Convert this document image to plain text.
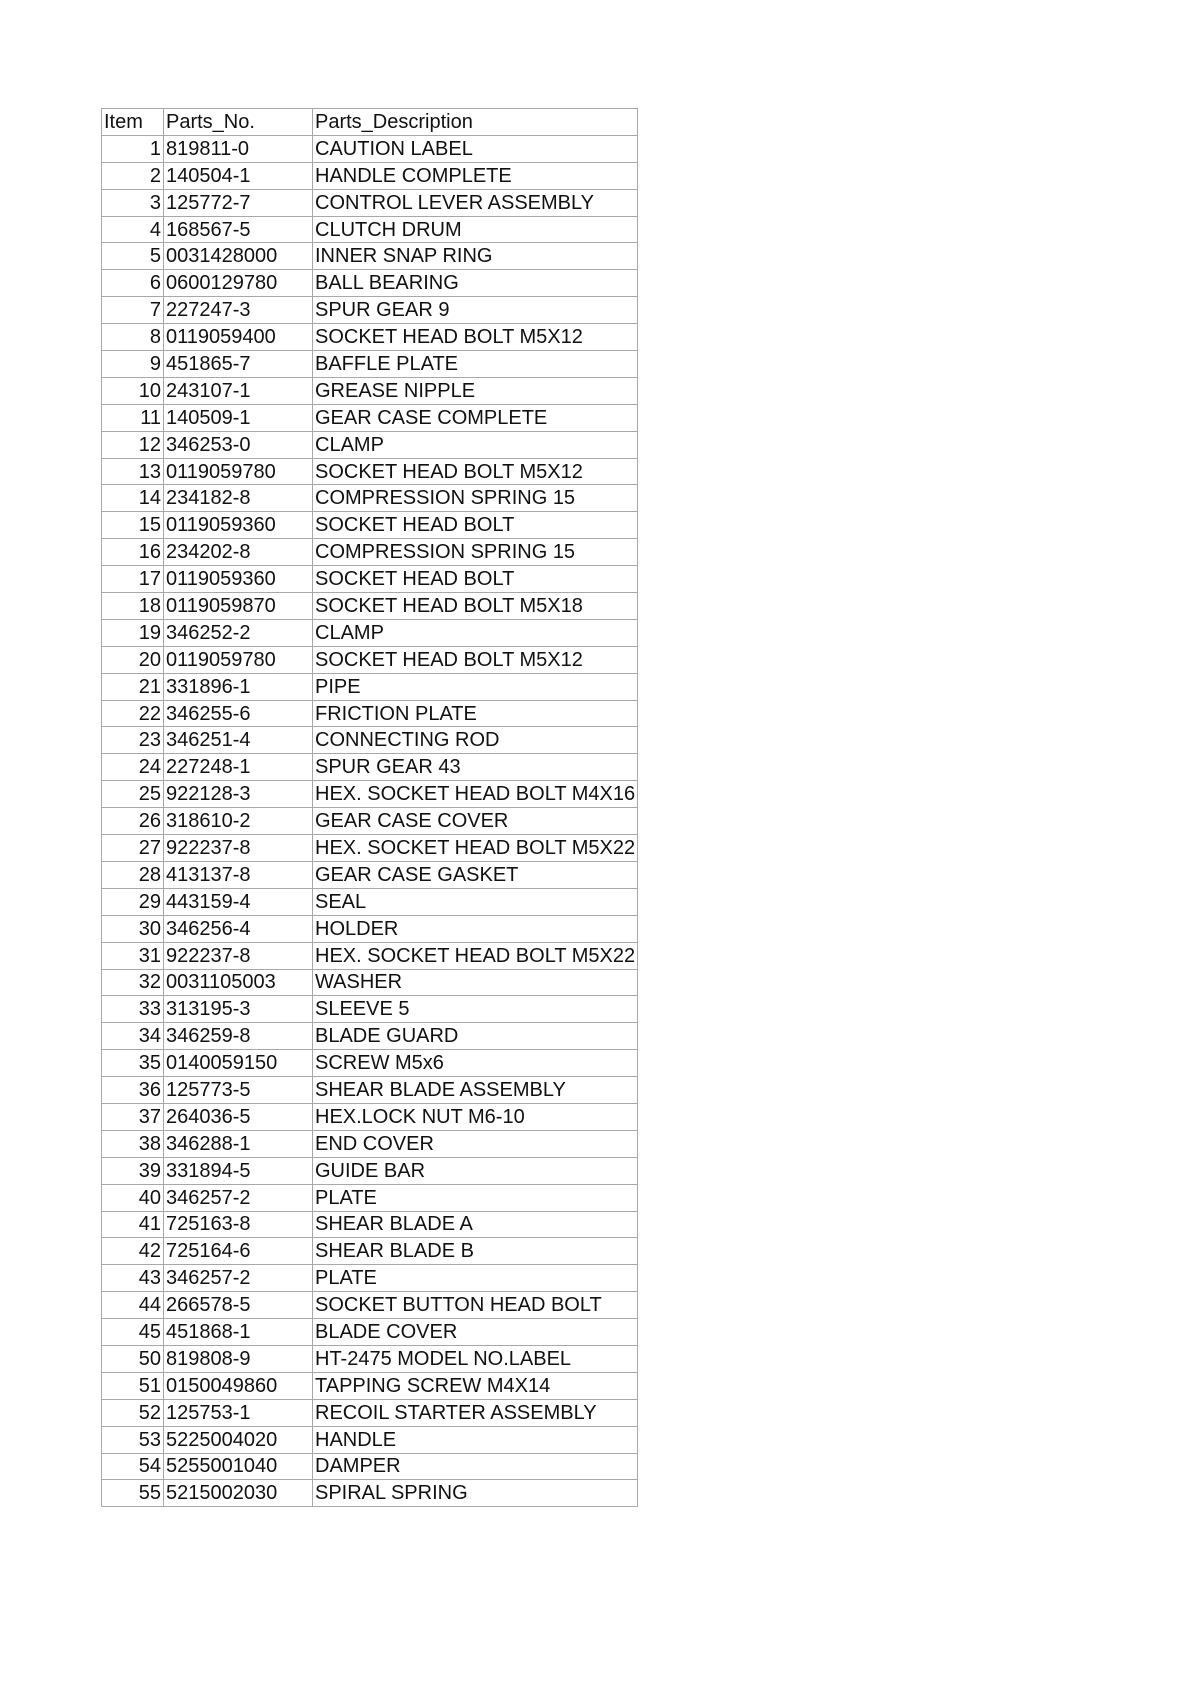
Item	Parts_No.	Parts_Description
1	819811-0	CAUTION LABEL
2	140504-1	HANDLE COMPLETE
3	125772-7	CONTROL LEVER ASSEMBLY
4	168567-5	CLUTCH DRUM
5	0031428000	INNER SNAP RING
6	0600129780	BALL BEARING
7	227247-3	SPUR GEAR 9
8	0119059400	SOCKET HEAD BOLT M5X12
9	451865-7	BAFFLE PLATE
10	243107-1	GREASE NIPPLE
11	140509-1	GEAR CASE COMPLETE
12	346253-0	CLAMP
13	0119059780	SOCKET HEAD BOLT M5X12
14	234182-8	COMPRESSION SPRING 15
15	0119059360	SOCKET HEAD BOLT
16	234202-8	COMPRESSION SPRING 15
17	0119059360	SOCKET HEAD BOLT
18	0119059870	SOCKET HEAD BOLT M5X18
19	346252-2	CLAMP
20	0119059780	SOCKET HEAD BOLT M5X12
21	331896-1	PIPE
22	346255-6	FRICTION PLATE
23	346251-4	CONNECTING ROD
24	227248-1	SPUR GEAR 43
25	922128-3	HEX. SOCKET HEAD BOLT M4X16
26	318610-2	GEAR CASE COVER
27	922237-8	HEX. SOCKET HEAD BOLT M5X22
28	413137-8	GEAR CASE GASKET
29	443159-4	SEAL
30	346256-4	HOLDER
31	922237-8	HEX. SOCKET HEAD BOLT M5X22
32	0031105003	WASHER
33	313195-3	SLEEVE 5
34	346259-8	BLADE GUARD
35	0140059150	SCREW M5x6
36	125773-5	SHEAR BLADE ASSEMBLY
37	264036-5	HEX.LOCK NUT M6-10
38	346288-1	END COVER
39	331894-5	GUIDE BAR
40	346257-2	PLATE
41	725163-8	SHEAR BLADE A
42	725164-6	SHEAR BLADE B
43	346257-2	PLATE
44	266578-5	SOCKET BUTTON HEAD BOLT
45	451868-1	BLADE COVER
50	819808-9	HT-2475 MODEL NO.LABEL
51	0150049860	TAPPING SCREW M4X14
52	125753-1	RECOIL STARTER ASSEMBLY
53	5225004020	HANDLE
54	5255001040	DAMPER
55	5215002030	SPIRAL SPRING
